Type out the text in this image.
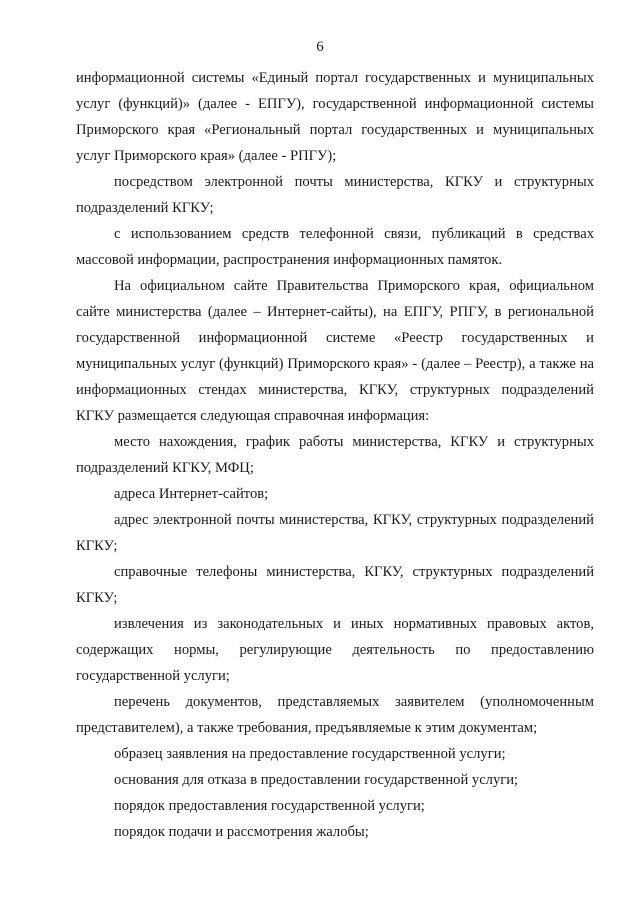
6

информационной системы «Единый портал государственных и муниципальных услуг (функций)» (далее - ЕПГУ), государственной информационной системы Приморского края «Региональный портал государственных и муниципальных услуг Приморского края» (далее - РПГУ);

посредством электронной почты министерства, КГКУ и структурных подразделений КГКУ;

с использованием средств телефонной связи, публикаций в средствах массовой информации, распространения информационных памяток.

На официальном сайте Правительства Приморского края, официальном сайте министерства (далее – Интернет-сайты), на ЕПГУ, РПГУ, в региональной государственной информационной системе «Реестр государственных и муниципальных услуг (функций) Приморского края» - (далее – Реестр), а также на информационных стендах министерства, КГКУ, структурных подразделений КГКУ размещается следующая справочная информация:

место нахождения, график работы министерства, КГКУ и структурных подразделений КГКУ, МФЦ;

адреса Интернет-сайтов;

адрес электронной почты министерства, КГКУ, структурных подразделений КГКУ;

справочные телефоны министерства, КГКУ, структурных подразделений КГКУ;

извлечения из законодательных и иных нормативных правовых актов, содержащих нормы, регулирующие деятельность по предоставлению государственной услуги;

перечень документов, представляемых заявителем (уполномоченным представителем), а также требования, предъявляемые к этим документам;

образец заявления на предоставление государственной услуги;

основания для отказа в предоставлении государственной услуги;

порядок предоставления государственной услуги;

порядок подачи и рассмотрения жалобы;
